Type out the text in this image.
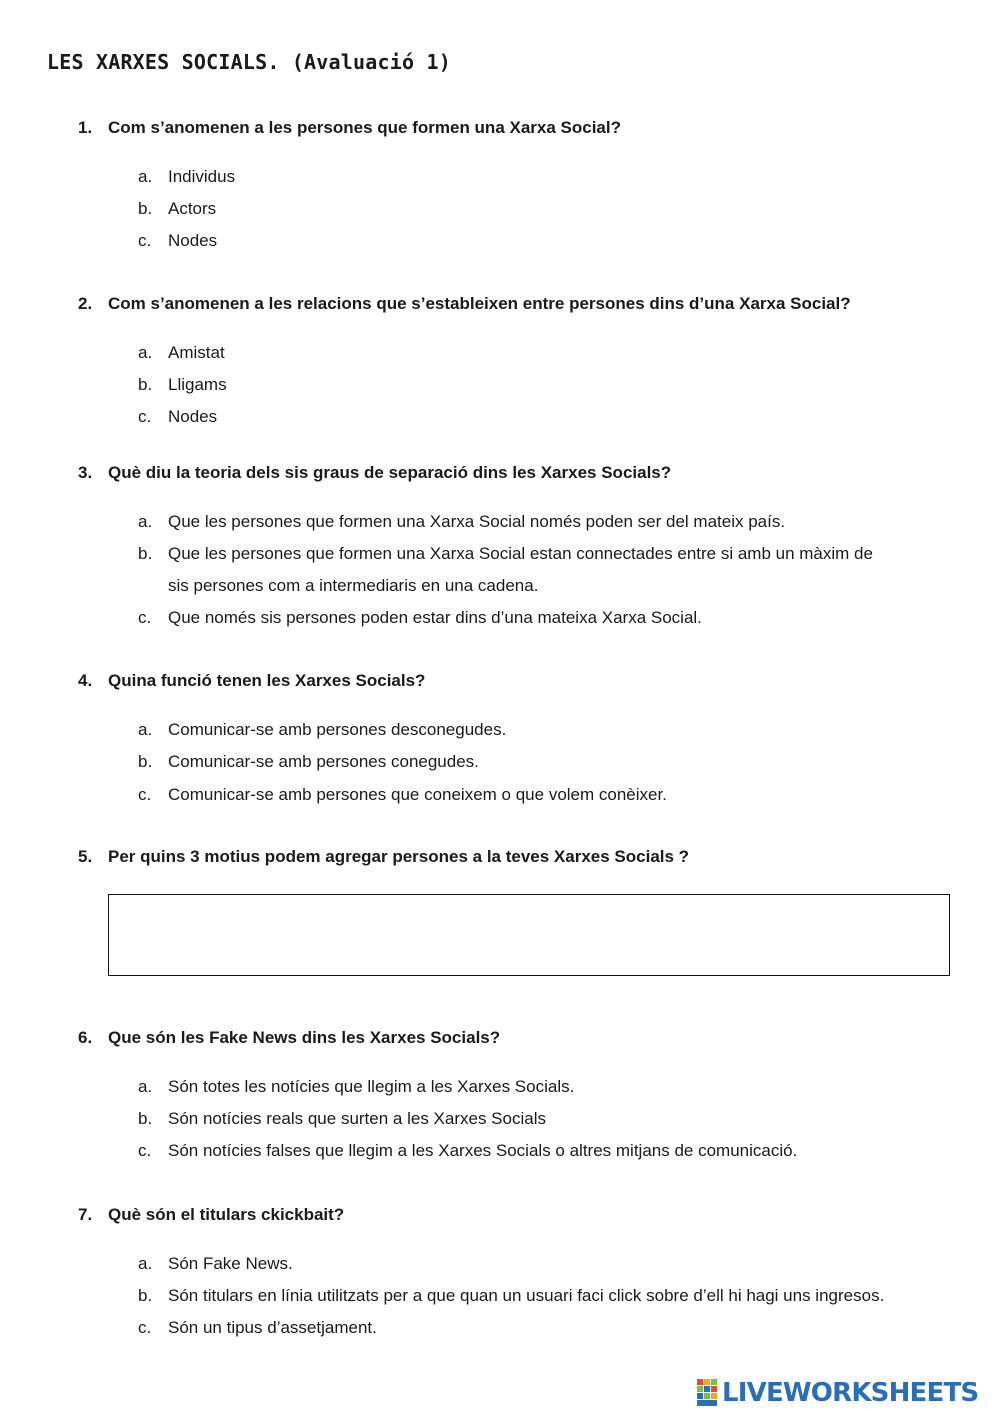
LES XARXES SOCIALS. (Avaluació 1)

1. Com s’anomenen a les persones que formen una Xarxa Social?

a. Individus

b. Actors

c. Nodes

2. Com s’anomenen a les relacions que s’estableixen entre persones dins d’una Xarxa Social?

a. Amistat

b. Lligams

c. Nodes

3. Què diu la teoria dels sis graus de separació dins les Xarxes Socials?

a. Que les persones que formen una Xarxa Social només poden ser del mateix país.

b. Que les persones que formen una Xarxa Social estan connectades entre si amb un màxim de
sis persones com a intermediaris en una cadena.

c. Que només sis persones poden estar dins d’una mateixa Xarxa Social.

4. Quina funció tenen les Xarxes Socials?

a. Comunicar-se amb persones desconegudes.

b. Comunicar-se amb persones conegudes.

c. Comunicar-se amb persones que coneixem o que volem conèixer.

5. Per quins 3 motius podem agregar persones a la teves Xarxes Socials ?

6. Que són les Fake News dins les Xarxes Socials?

a. Són totes les notícies que llegim a les Xarxes Socials.

b. Són notícies reals que surten a les Xarxes Socials

c. Són notícies falses que llegim a les Xarxes Socials o altres mitjans de comunicació.

7. Què són el titulars ckickbait?

a. Són Fake News.

b. Són titulars en línia utilitzats per a que quan un usuari faci click sobre d’ell hi hagi uns ingresos.

c. Són un tipus d’assetjament.

LIVEWORKSHEETS
